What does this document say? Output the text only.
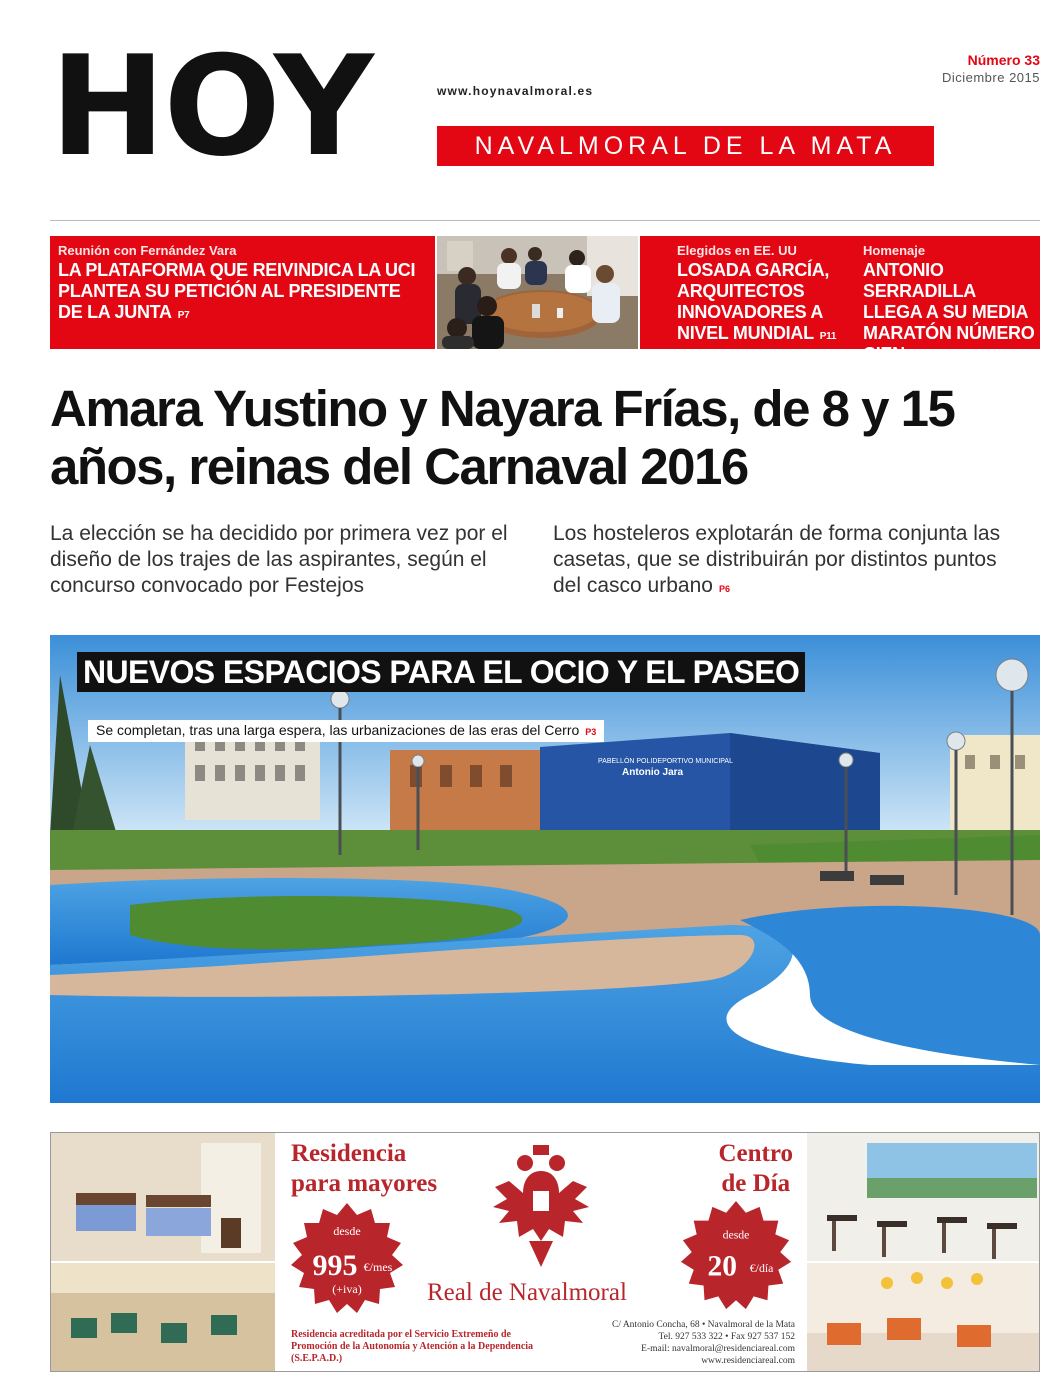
HOY	www.hoynavalmoral.es
NAVALMORAL DE LA MATA
Número 33
Diciembre 2015
Reunión con Fernández Vara
LA PLATAFORMA QUE REIVINDICA LA UCI PLANTEA SU PETICIÓN AL PRESIDENTE DE LA JUNTA P7
Elegidos en EE. UU
LOSADA GARCÍA, ARQUITECTOS INNOVADORES A NIVEL MUNDIAL P11
Homenaje
ANTONIO SERRADILLA LLEGA A SU MEDIA MARATÓN NÚMERO CIEN P20
Amara Yustino y Nayara Frías, de 8 y 15 años, reinas del Carnaval 2016
La elección se ha decidido por primera vez por el diseño de los trajes de las aspirantes, según el concurso convocado por Festejos
Los hosteleros explotarán de forma conjunta las casetas, que se distribuirán por distintos puntos del casco urbano P6
PABELLÓN POLIDEPORTIVO MUNICIPAL
Antonio Jara
NUEVOS ESPACIOS PARA EL OCIO Y EL PASEO
Se completan, tras una larga espera, las urbanizaciones de las eras del Cerro P3
Residencia
para mayores
desde
995 €/mes
(+iva)	Real de Navalmoral
Centro
de Día
desde
20 €/día
Residencia acreditada por el Servicio Extremeño de Promoción de la Autonomía y Atención a la Dependencia (S.E.P.A.D.)
C/ Antonio Concha, 68 • Navalmoral de la Mata
Tel. 927 533 322 • Fax 927 537 152
E-mail: navalmoral@residenciareal.com
www.residenciareal.com
